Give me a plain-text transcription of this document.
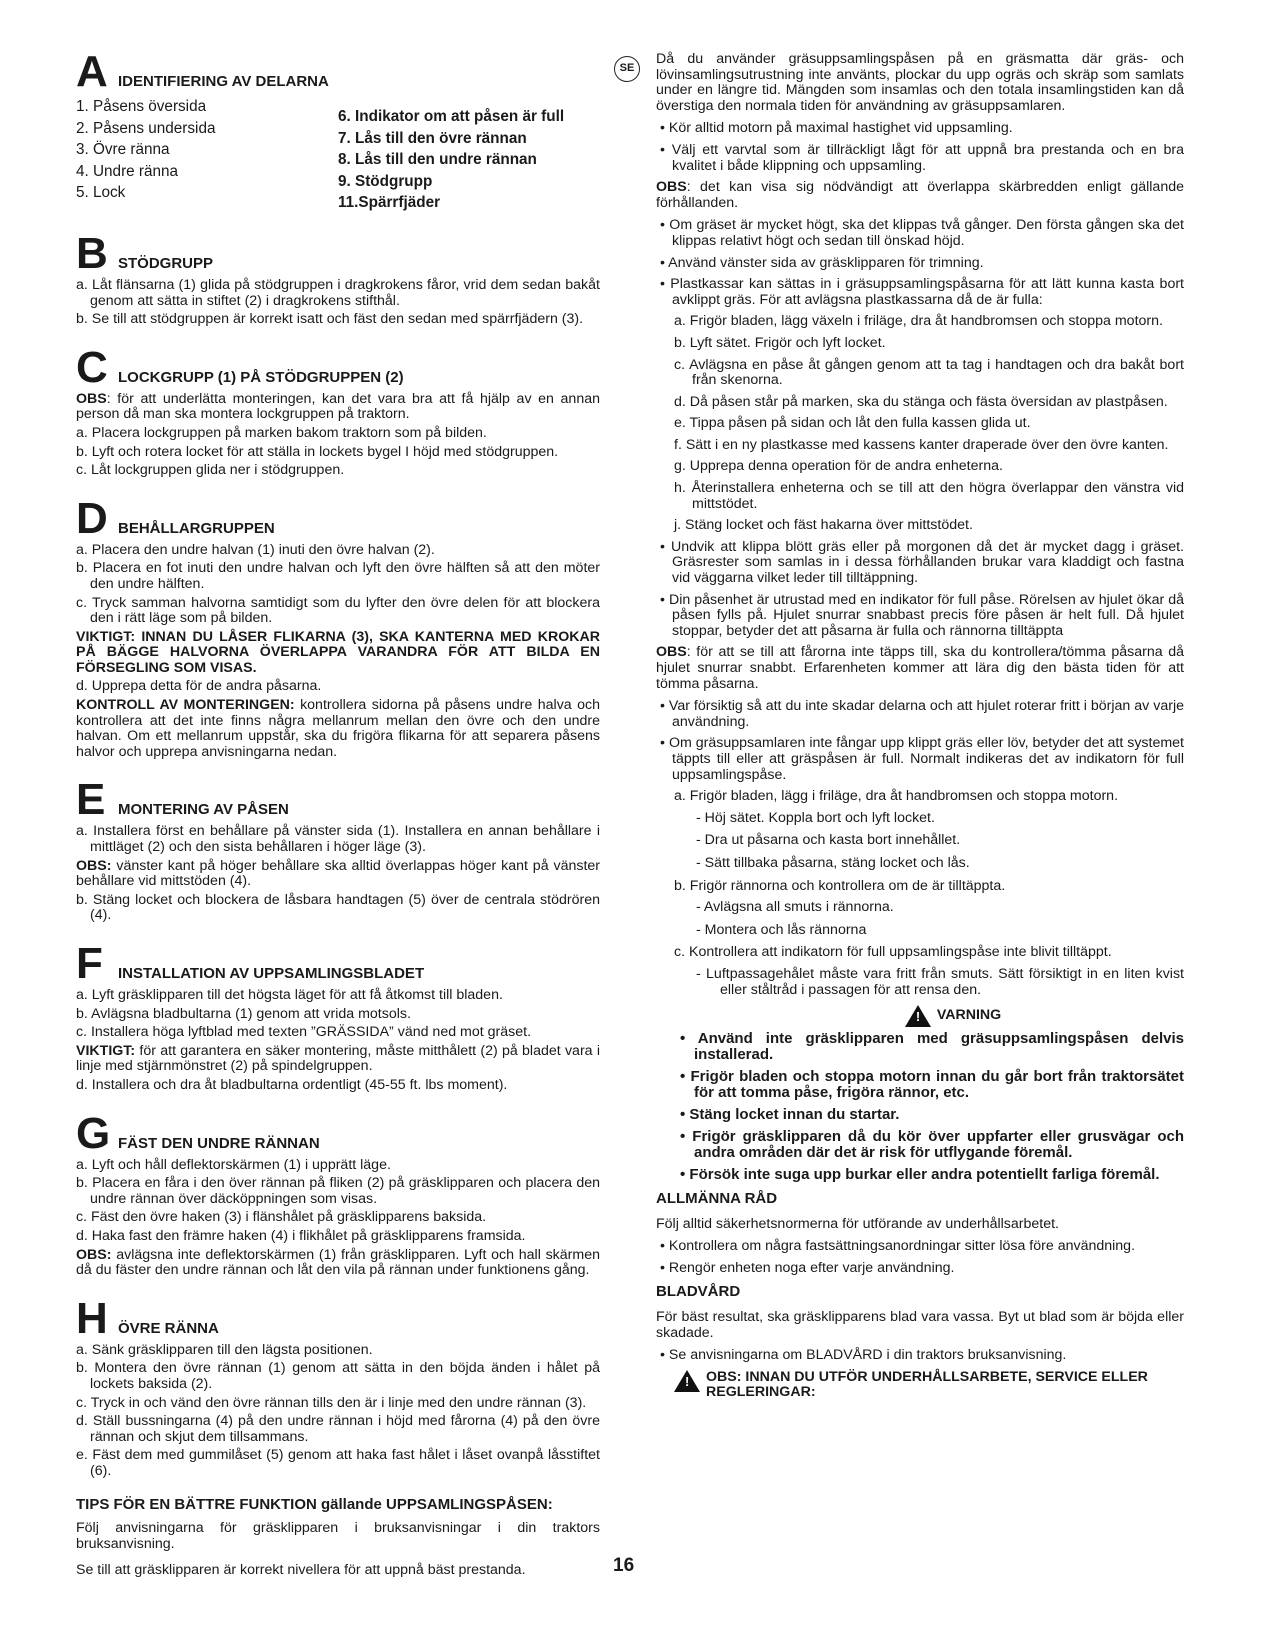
A IDENTIFIERING AV DELARNA
1. Påsens översida
2. Påsens undersida
3. Övre ränna
4. Undre ränna
5. Lock
6. Indikator om att påsen är full
7. Lås till den övre rännan
8. Lås till den undre rännan
9. Stödgrupp
11.Spärrfjäder
B STÖDGRUPP

a. Låt flänsarna (1) glida på stödgruppen i dragkrokens fåror, vrid dem sedan bakåt genom att sätta in stiftet (2) i dragkrokens stifthål.

b. Se till att stödgruppen är korrekt isatt och fäst den sedan med spärrfjädern (3).

C LOCKGRUPP (1) PÅ STÖDGRUPPEN (2)

OBS: för att underlätta monteringen, kan det vara bra att få hjälp av en annan person då man ska montera lockgruppen på traktorn.

a. Placera lockgruppen på marken bakom traktorn som på bilden.

b. Lyft och rotera locket för att ställa in lockets bygel I höjd med stödgruppen.

c. Låt lockgruppen glida ner i stödgruppen.

D BEHÅLLARGRUPPEN

a. Placera den undre halvan (1) inuti den övre halvan (2).

b. Placera en fot inuti den undre halvan och lyft den övre hälften så att den möter den undre hälften.

c. Tryck samman halvorna samtidigt som du lyfter den övre delen för att blockera den i rätt läge som på bilden.

VIKTIGT: INNAN DU LÅSER FLIKARNA (3), SKA KANTERNA MED KROKAR PÅ BÄGGE HALVORNA ÖVERLAPPA VARANDRA FÖR ATT BILDA EN FÖRSEGLING SOM VISAS.

d. Upprepa detta för de andra påsarna.

KONTROLL AV MONTERINGEN: kontrollera sidorna på påsens undre halva och kontrollera att det inte finns några mellanrum mellan den övre och den undre halvan. Om ett mellanrum uppstår, ska du frigöra flikarna för att separera påsens halvor och upprepa anvisningarna nedan.

E MONTERING AV PÅSEN

a. Installera först en behållare på vänster sida (1). Installera en annan behållare i mittläget (2) och den sista behållaren i höger läge (3).

OBS: vänster kant på höger behållare ska alltid överlappas höger kant på vänster behållare vid mittstöden (4).

b. Stäng locket och blockera de låsbara handtagen (5) över de centrala stödrören (4).

F	INSTALLATION AV UPPSAMLINGSBLADET

a. Lyft gräsklipparen till det högsta läget för att få åtkomst till bladen.

b. Avlägsna bladbultarna (1) genom att vrida motsols.

c. Installera höga lyftblad med texten ”GRÄSSIDA” vänd ned mot gräset.

VIKTIGT: för att garantera en säker montering, måste mitthålett (2) på bladet vara i linje med stjärnmönstret (2) på spindelgruppen.

d. Installera och dra åt bladbultarna ordentligt (45-55 ft. lbs moment).

G FÄST DEN UNDRE RÄNNAN

a. Lyft och håll deflektorskärmen (1) i upprätt läge.

b. Placera en fåra i den över rännan på fliken (2) på gräsklipparen och placera den undre rännan över däcköppningen som visas.

c. Fäst den övre haken (3) i flänshålet på gräsklipparens baksida.

d. Haka fast den främre haken (4) i flikhålet på gräsklipparens framsida.

OBS: avlägsna inte deflektorskärmen (1) från gräsklipparen. Lyft och hall skärmen då du fäster den undre rännan och låt den vila på rännan under funktionens gång.

H ÖVRE RÄNNA

a. Sänk gräsklipparen till den lägsta positionen.

b. Montera den övre rännan (1) genom att sätta in den böjda änden i hålet på lockets baksida (2).

c. Tryck in och vänd den övre rännan tills den är i linje med den undre rännan (3).

d. Ställ bussningarna (4) på den undre rännan i höjd med fårorna (4) på den övre rännan och skjut dem tillsammans.

e. Fäst dem med gummilåset (5) genom att haka fast hålet i låset ovanpå låsstiftet (6).

TIPS FÖR EN BÄTTRE FUNKTION gällande UPPSAMLINGSPÅSEN:

Följ anvisningarna för gräsklipparen i bruksanvisningar i din traktors bruksanvisning.

Se till att gräsklipparen är korrekt nivellera för att uppnå bäst prestanda.

SE

Då du använder gräsuppsamlingspåsen på en gräsmatta där gräs- och lövinsamlingsutrustning inte använts, plockar du upp ogräs och skräp som samlats under en längre tid. Mängden som insamlas och den totala insamlingstiden kan då överstiga den normala tiden för användning av gräsuppsamlaren.

• Kör alltid motorn på maximal hastighet vid uppsamling.

• Välj ett varvtal som är tillräckligt lågt för att uppnå bra prestanda och en bra kvalitet i både klippning och uppsamling.

OBS: det kan visa sig nödvändigt att överlappa skärbredden enligt gällande förhållanden.

• Om gräset är mycket högt, ska det klippas två gånger. Den första gången ska det klippas relativt högt och sedan till önskad höjd.

• Använd vänster sida av gräsklipparen för trimning.

• Plastkassar kan sättas in i gräsuppsamlingspåsarna för att lätt kunna kasta bort avklippt gräs. För att avlägsna plastkassarna då de är fulla:

a. Frigör bladen, lägg växeln i friläge, dra åt handbromsen och stoppa motorn.

b. Lyft sätet. Frigör och lyft locket.

c. Avlägsna en påse åt gången genom att ta tag i handtagen och dra bakåt bort från skenorna.

d. Då påsen står på marken, ska du stänga och fästa översidan av plastpåsen.

e. Tippa påsen på sidan och låt den fulla kassen glida ut.

f. Sätt i en ny plastkasse med kassens kanter draperade över den övre kanten.

g. Upprepa denna operation för de andra enheterna.

h. Återinstallera enheterna och se till att den högra överlappar den vänstra vid mittstödet.

j. Stäng locket och fäst hakarna över mittstödet.

• Undvik att klippa blött gräs eller på morgonen då det är mycket dagg i gräset. Gräsrester som samlas in i dessa förhållanden brukar vara kladdigt och fastna vid väggarna vilket leder till tilltäppning.

• Din påsenhet är utrustad med en indikator för full påse. Rörelsen av hjulet ökar då påsen fylls på. Hjulet snurrar snabbast precis före påsen är helt full. Då hjulet stoppar, betyder det att påsarna är fulla och rännorna tilltäppta

OBS: för att se till att fårorna inte täpps till, ska du kontrollera/tömma påsarna då hjulet snurrar snabbt. Erfarenheten kommer att lära dig den bästa tiden för att tömma påsarna.

• Var försiktig så att du inte skadar delarna och att hjulet roterar fritt i början av varje användning.

• Om gräsuppsamlaren inte fångar upp klippt gräs eller löv, betyder det att systemet täppts till eller att gräspåsen är full. Normalt indikeras det av indikatorn för full uppsamlingspåse.

a. Frigör bladen, lägg i friläge, dra åt handbromsen och stoppa motorn.

- Höj sätet. Koppla bort och lyft locket.

- Dra ut påsarna och kasta bort innehållet.

- Sätt tillbaka påsarna, stäng locket och lås.

b. Frigör rännorna och kontrollera om de är tilltäppta.

- Avlägsna all smuts i rännorna.

- Montera och lås rännorna

c. Kontrollera att indikatorn för full uppsamlingspåse inte blivit tilltäppt.

- Luftpassagehålet måste vara fritt från smuts. Sätt försiktigt in en liten kvist eller ståltråd i passagen för att rensa den.

! VARNING

• Använd inte gräsklipparen med gräsuppsamlingspåsen delvis installerad.

• Frigör bladen och stoppa motorn innan du går bort från traktorsätet för att tomma påse, frigöra rännor, etc.

• Stäng locket innan du startar.

• Frigör gräsklipparen då du kör över uppfarter eller grusvägar och andra områden där det är risk för utflygande föremål.

• Försök inte suga upp burkar eller andra potentiellt farliga föremål.

ALLMÄNNA RÅD

Följ alltid säkerhetsnormerna för utförande av underhållsarbetet.

• Kontrollera om några fastsättningsanordningar sitter lösa före användning.

• Rengör enheten noga efter varje användning.

BLADVÅRD

För bäst resultat, ska gräsklipparens blad vara vassa. Byt ut blad som är böjda eller skadade.

• Se anvisningarna om BLADVÅRD i din traktors bruksanvisning.

! OBS: INNAN DU UTFÖR UNDERHÅLLSARBETE, SERVICE ELLER REGLERINGAR:
16
